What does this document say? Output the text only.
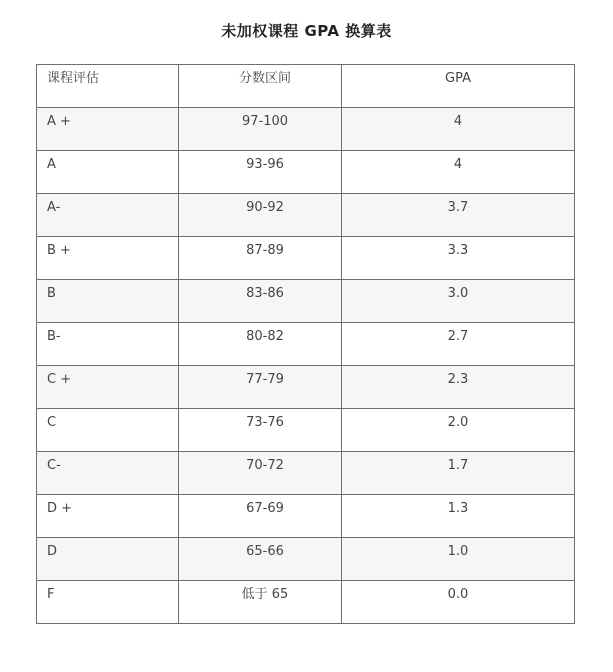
未加权课程 GPA 换算表
课程评估	分数区间	GPA

A +	97-100	4

A	93-96	4

A-	90-92	3.7

B +	87-89	3.3

B	83-86	3.0

B-	80-82	2.7

C +	77-79	2.3

C	73-76	2.0

C-	70-72	1.7

D +	67-69	1.3

D	65-66	1.0

F	低于 65	0.0
